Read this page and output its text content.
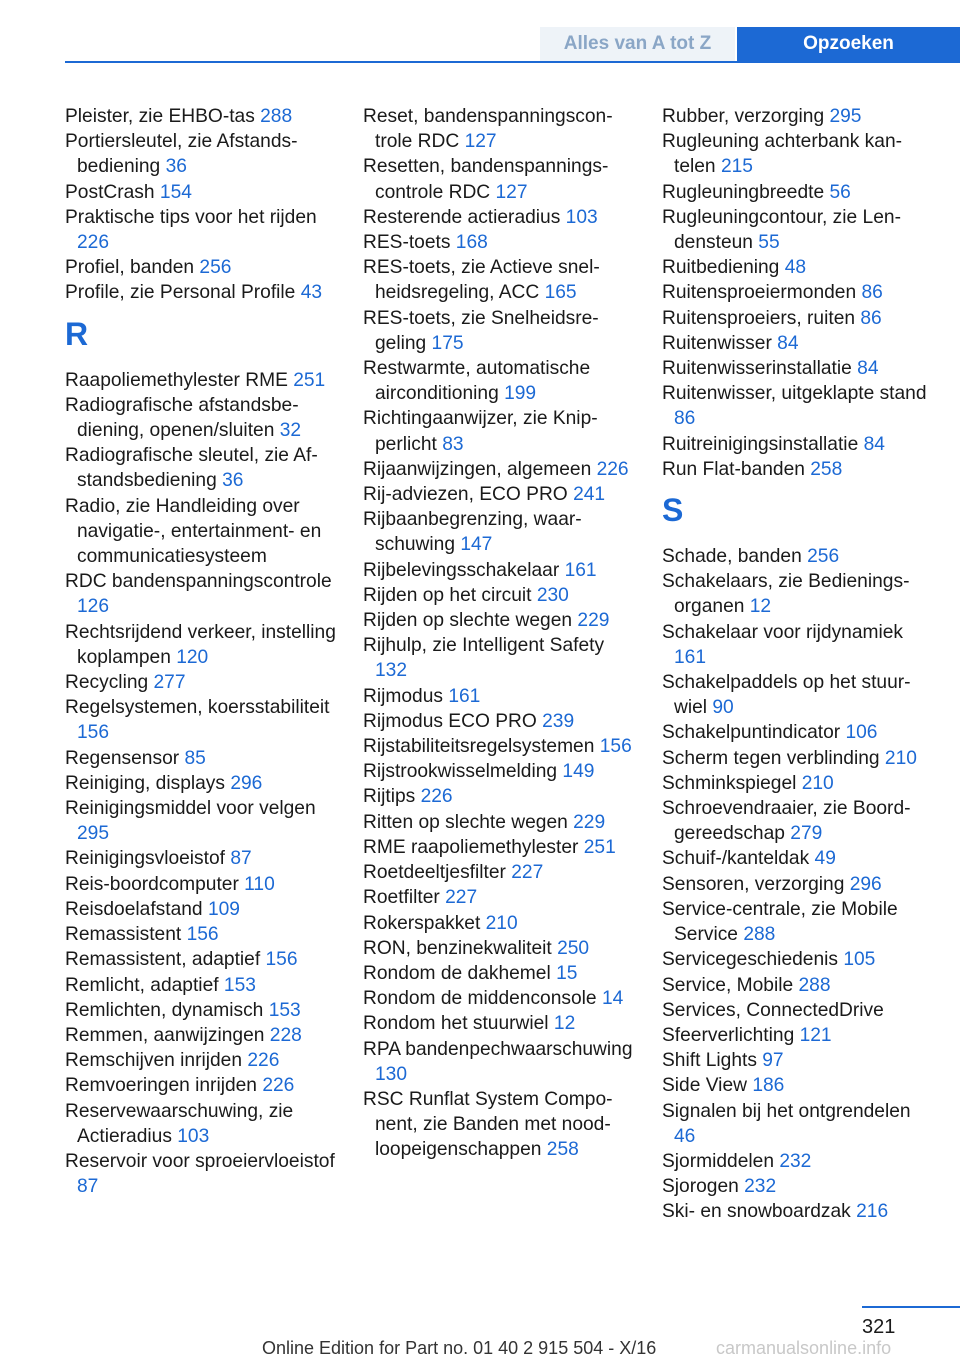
Alles van A tot Z	Opzoeken
Pleister, zie EHBO-tas 288
Portiersleutel, zie Afstandsbediening 36
PostCrash 154
Praktische tips voor het rijden 226
Profiel, banden 256
Profile, zie Personal Profile 43
R
Raapoliemethylester RME 251
Radiografische afstandsbediening, openen/sluiten 32
Radiografische sleutel, zie Afstandsbediening 36
Radio, zie Handleiding over navigatie-, entertainment- en communicatiesysteem
RDC bandenspanningscontrole 126
Rechtsrijdend verkeer, instelling koplampen 120
Recycling 277
Regelsystemen, koersstabiliteit 156
Regensensor 85
Reiniging, displays 296
Reinigingsmiddel voor velgen 295
Reinigingsvloeistof 87
Reis-boordcomputer 110
Reisdoelafstand 109
Remassistent 156
Remassistent, adaptief 156
Remlicht, adaptief 153
Remlichten, dynamisch 153
Remmen, aanwijzingen 228
Remschijven inrijden 226
Remvoeringen inrijden 226
Reservewaarschuwing, zie Actieradius 103
Reservoir voor sproeiervloeistof 87
Reset, bandenspanningscontrole RDC 127
Resetten, bandenspanningscontrole RDC 127
Resterende actieradius 103
RES-toets 168
RES-toets, zie Actieve snelheidsregeling, ACC 165
RES-toets, zie Snelheidsregeling 175
Restwarmte, automatische airconditioning 199
Richtingaanwijzer, zie Knipperlicht 83
Rijaanwijzingen, algemeen 226
Rij-adviezen, ECO PRO 241
Rijbaanbegrenzing, waarschuwing 147
Rijbelevingsschakelaar 161
Rijden op het circuit 230
Rijden op slechte wegen 229
Rijhulp, zie Intelligent Safety 132
Rijmodus 161
Rijmodus ECO PRO 239
Rijstabiliteitsregelsystemen 156
Rijstrookwisselmelding 149
Rijtips 226
Ritten op slechte wegen 229
RME raapoliemethylester 251
Roetdeeltjesfilter 227
Roetfilter 227
Rokerspakket 210
RON, benzinekwaliteit 250
Rondom de dakhemel 15
Rondom de middenconsole 14
Rondom het stuurwiel 12
RPA bandenpechwaarschuwing 130
RSC Runflat System Component, zie Banden met noodloopeigenschappen 258
Rubber, verzorging 295
Rugleuning achterbank kantelen 215
Rugleuningbreedte 56
Rugleuningcontour, zie Lendensteun 55
Ruitbediening 48
Ruitensproeiermonden 86
Ruitensproeiers, ruiten 86
Ruitenwisser 84
Ruitenwisserinstallatie 84
Ruitenwisser, uitgeklapte stand 86
Ruitreinigingsinstallatie 84
Run Flat-banden 258
S
Schade, banden 256
Schakelaars, zie Bedieningsorganen 12
Schakelaar voor rijdynamiek 161
Schakelpaddels op het stuurwiel 90
Schakelpuntindicator 106
Scherm tegen verblinding 210
Schminkspiegel 210
Schroevendraaier, zie Boordgereedschap 279
Schuif-/kanteldak 49
Sensoren, verzorging 296
Service-centrale, zie Mobile Service 288
Servicegeschiedenis 105
Service, Mobile 288
Services, ConnectedDrive
Sfeerverlichting 121
Shift Lights 97
Side View 186
Signalen bij het ontgrendelen 46
Sjormiddelen 232
Sjorogen 232
Ski- en snowboardzak 216
321
Online Edition for Part no. 01 40 2 915 504 - X/16	carmanualsonline.info
